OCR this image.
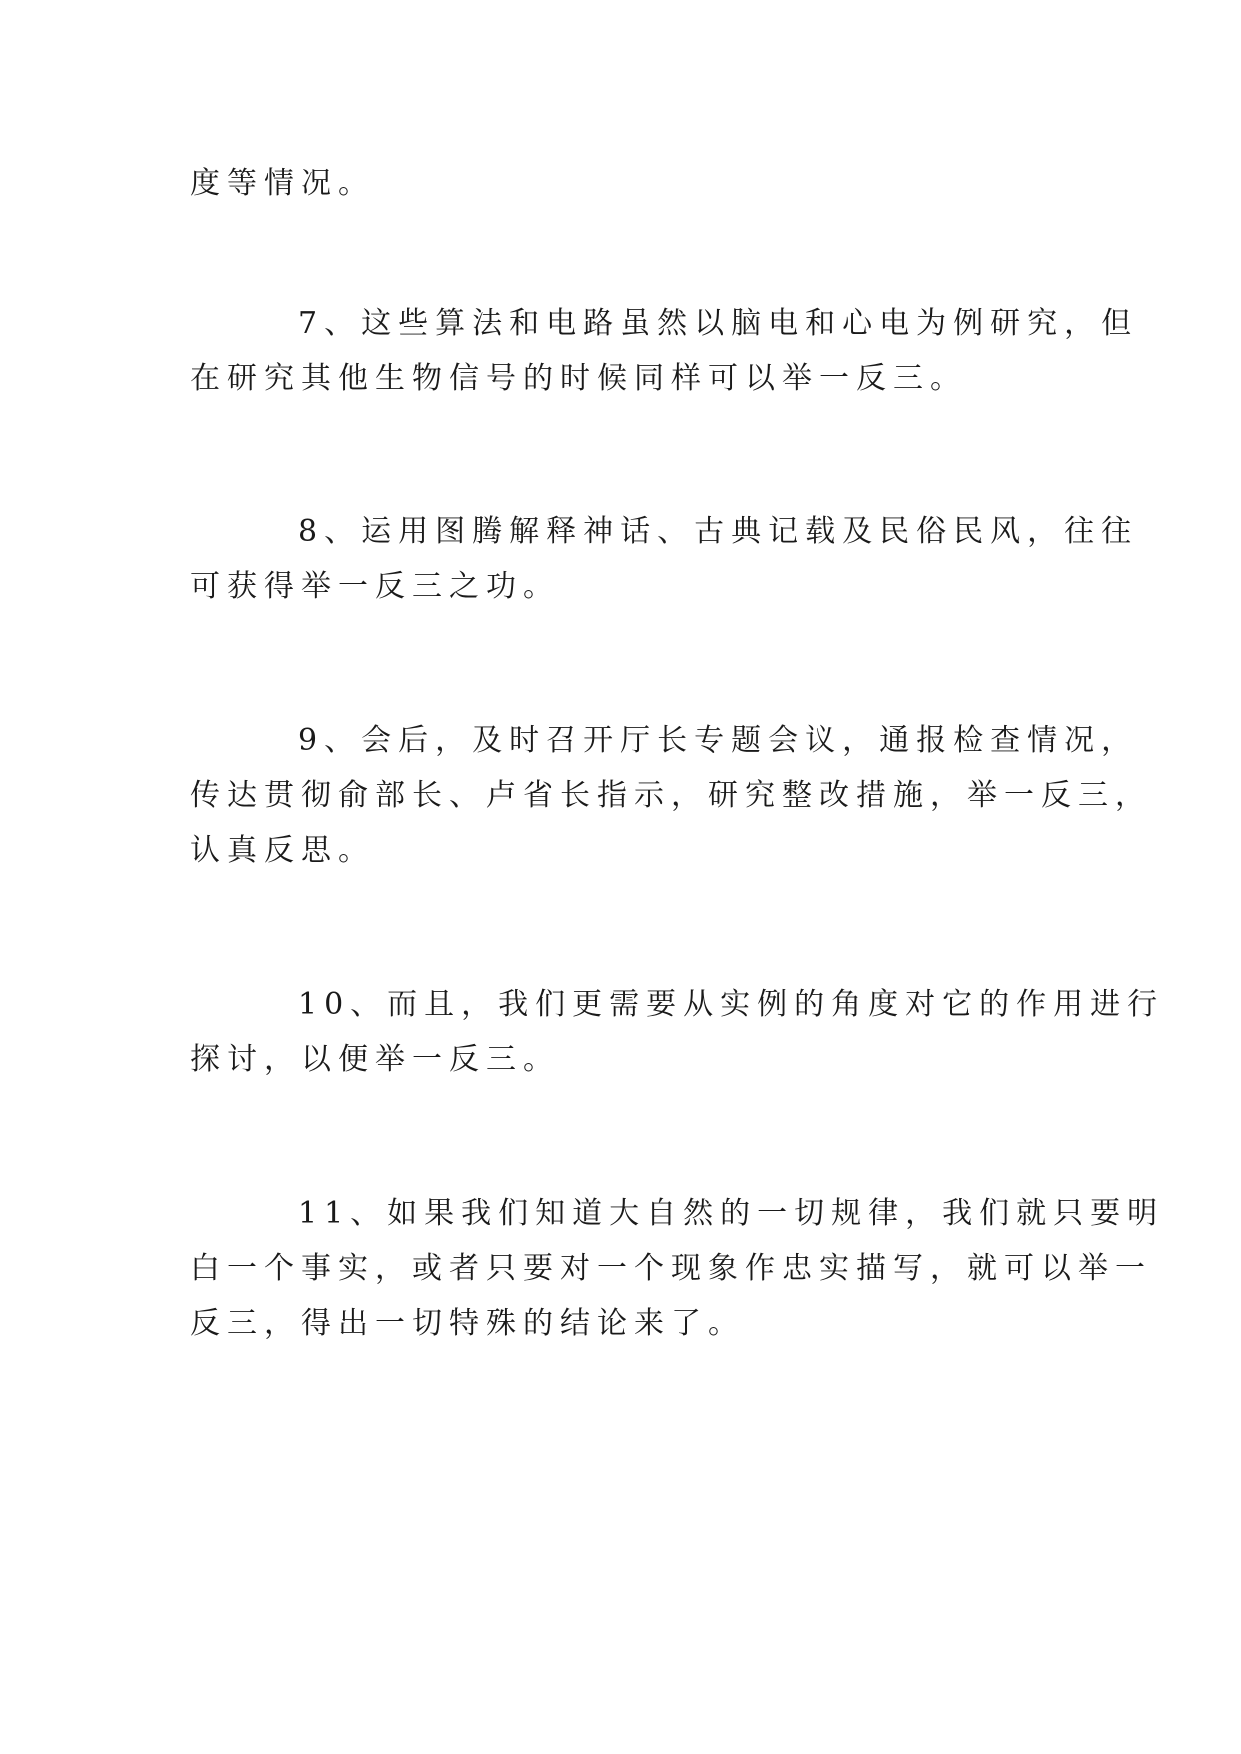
度等情况。
7、这些算法和电路虽然以脑电和心电为例研究，但
在研究其他生物信号的时候同样可以举一反三。
8、运用图腾解释神话、古典记载及民俗民风，往往
可获得举一反三之功。
9、会后，及时召开厅长专题会议，通报检查情况，
传达贯彻俞部长、卢省长指示，研究整改措施，举一反三，
认真反思。
10、而且，我们更需要从实例的角度对它的作用进行
探讨，以便举一反三。
11、如果我们知道大自然的一切规律，我们就只要明
白一个事实，或者只要对一个现象作忠实描写，就可以举一
反三，得出一切特殊的结论来了。
